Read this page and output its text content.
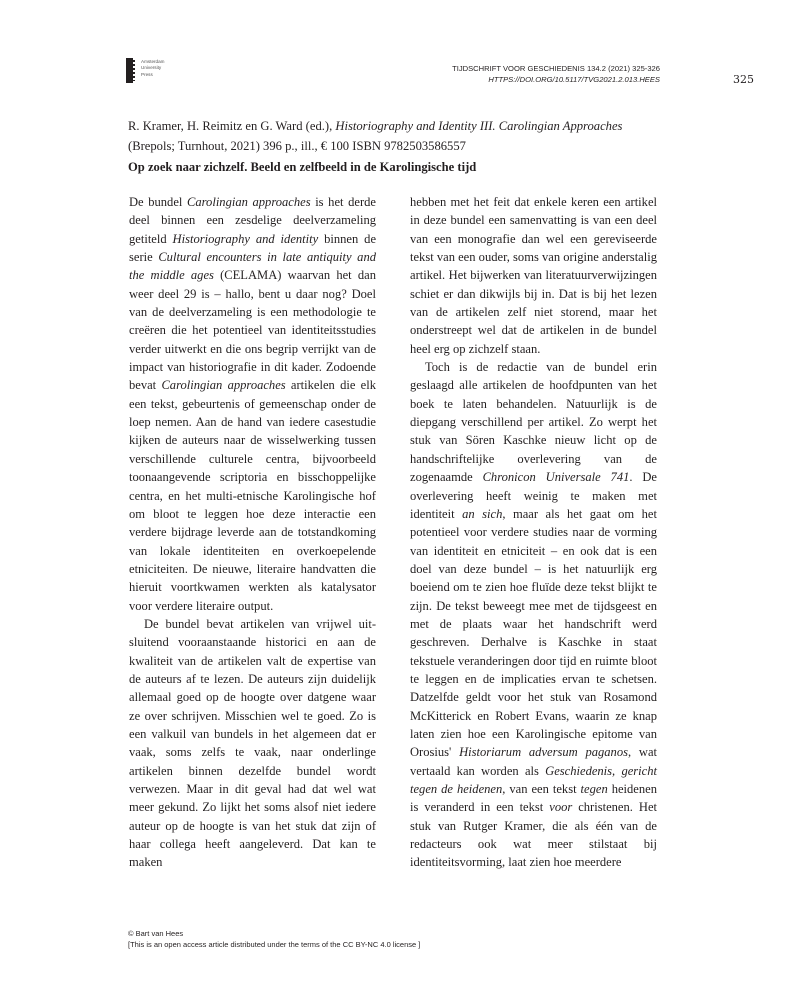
Amsterdam
University
Press
TIJDSCHRIFT VOOR GESCHIEDENIS 134.2 (2021) 325-326
HTTPS://DOI.ORG/10.5117/TVG2021.2.013.HEES	325
R. Kramer, H. Reimitz en G. Ward (ed.), Historiography and Identity III. Carolingian Approaches
(Brepols; Turnhout, 2021) 396 p., ill., € 100 ISBN 9782503586557
Op zoek naar zichzelf. Beeld en zelfbeeld in de Karolingische tijd

De bundel Carolingian approaches is het derde deel binnen een zesdelige deelverzameling getiteld Historiography and identity binnen de serie Cultural encounters in late antiquity and the middle ages (CELAMA) waarvan het dan weer deel 29 is – hallo, bent u daar nog? Doel van de deelverzameling is een methodologie te creëren die het potentieel van identiteitsstudies verder uitwerkt en die ons begrip verrijkt van de impact van historiografie in dit kader. Zodoende bevat Carolingian approaches artikelen die elk een tekst, gebeurtenis of gemeenschap onder de loep nemen. Aan de hand van iedere casestudie kijken de auteurs naar de wisselwerking tussen verschillende culturele centra, bijvoorbeeld toonaangevende scriptoria en bisschoppelijke centra, en het multi-etnische Karolingische hof om bloot te leggen hoe deze interactie een verdere bijdrage leverde aan de totstandkoming van lokale identiteiten en overkoepelende etniciteiten. De nieuwe, literaire handvatten die hieruit voortkwamen werkten als katalysator voor verdere literaire output.

De bundel bevat artikelen van vrijwel uitsluitend vooraanstaande historici en aan de kwaliteit van de artikelen valt de expertise van de auteurs af te lezen. De auteurs zijn duidelijk allemaal goed op de hoogte over datgene waar ze over schrijven. Misschien wel te goed. Zo is een valkuil van bundels in het algemeen dat er vaak, soms zelfs te vaak, naar onderlinge artikelen binnen dezelfde bundel wordt verwezen. Maar in dit geval had dat wel wat meer gekund. Zo lijkt het soms alsof niet iedere auteur op de hoogte is van het stuk dat zijn of haar collega heeft aangeleverd. Dat kan te maken

hebben met het feit dat enkele keren een artikel in deze bundel een samenvatting is van een deel van een monografie dan wel een gereviseerde tekst van een ouder, soms van origine anderstalig artikel. Het bijwerken van literatuurverwijzingen schiet er dan dikwijls bij in. Dat is bij het lezen van de artikelen zelf niet storend, maar het onderstreept wel dat de artikelen in de bundel heel erg op zichzelf staan.

Toch is de redactie van de bundel erin geslaagd alle artikelen de hoofdpunten van het boek te laten behandelen. Natuurlijk is de diepgang verschillend per artikel. Zo werpt het stuk van Sören Kaschke nieuw licht op de handschriftelijke overlevering van de zogenaamde Chronicon Universale 741. De overlevering heeft weinig te maken met identiteit an sich, maar als het gaat om het potentieel voor verdere studies naar de vorming van identiteit en etniciteit – en ook dat is een doel van deze bundel – is het natuurlijk erg boeiend om te zien hoe fluïde deze tekst blijkt te zijn. De tekst beweegt mee met de tijdsgeest en met de plaats waar het handschrift werd geschreven. Derhalve is Kaschke in staat tekstuele veranderingen door tijd en ruimte bloot te leggen en de implicaties ervan te schetsen. Datzelfde geldt voor het stuk van Rosamond McKitterick en Robert Evans, waarin ze knap laten zien hoe een Karolingische epitome van Orosius' Historiarum adversum paganos, wat vertaald kan worden als Geschiedenis, gericht tegen de heidenen, van een tekst tegen heidenen is veranderd in een tekst voor christenen. Het stuk van Rutger Kramer, die als één van de redacteurs ook wat meer stilstaat bij identiteitsvorming, laat zien hoe meerdere

© Bart van Hees
[This is an open access article distributed under the terms of the CC BY-NC 4.0 license ]
